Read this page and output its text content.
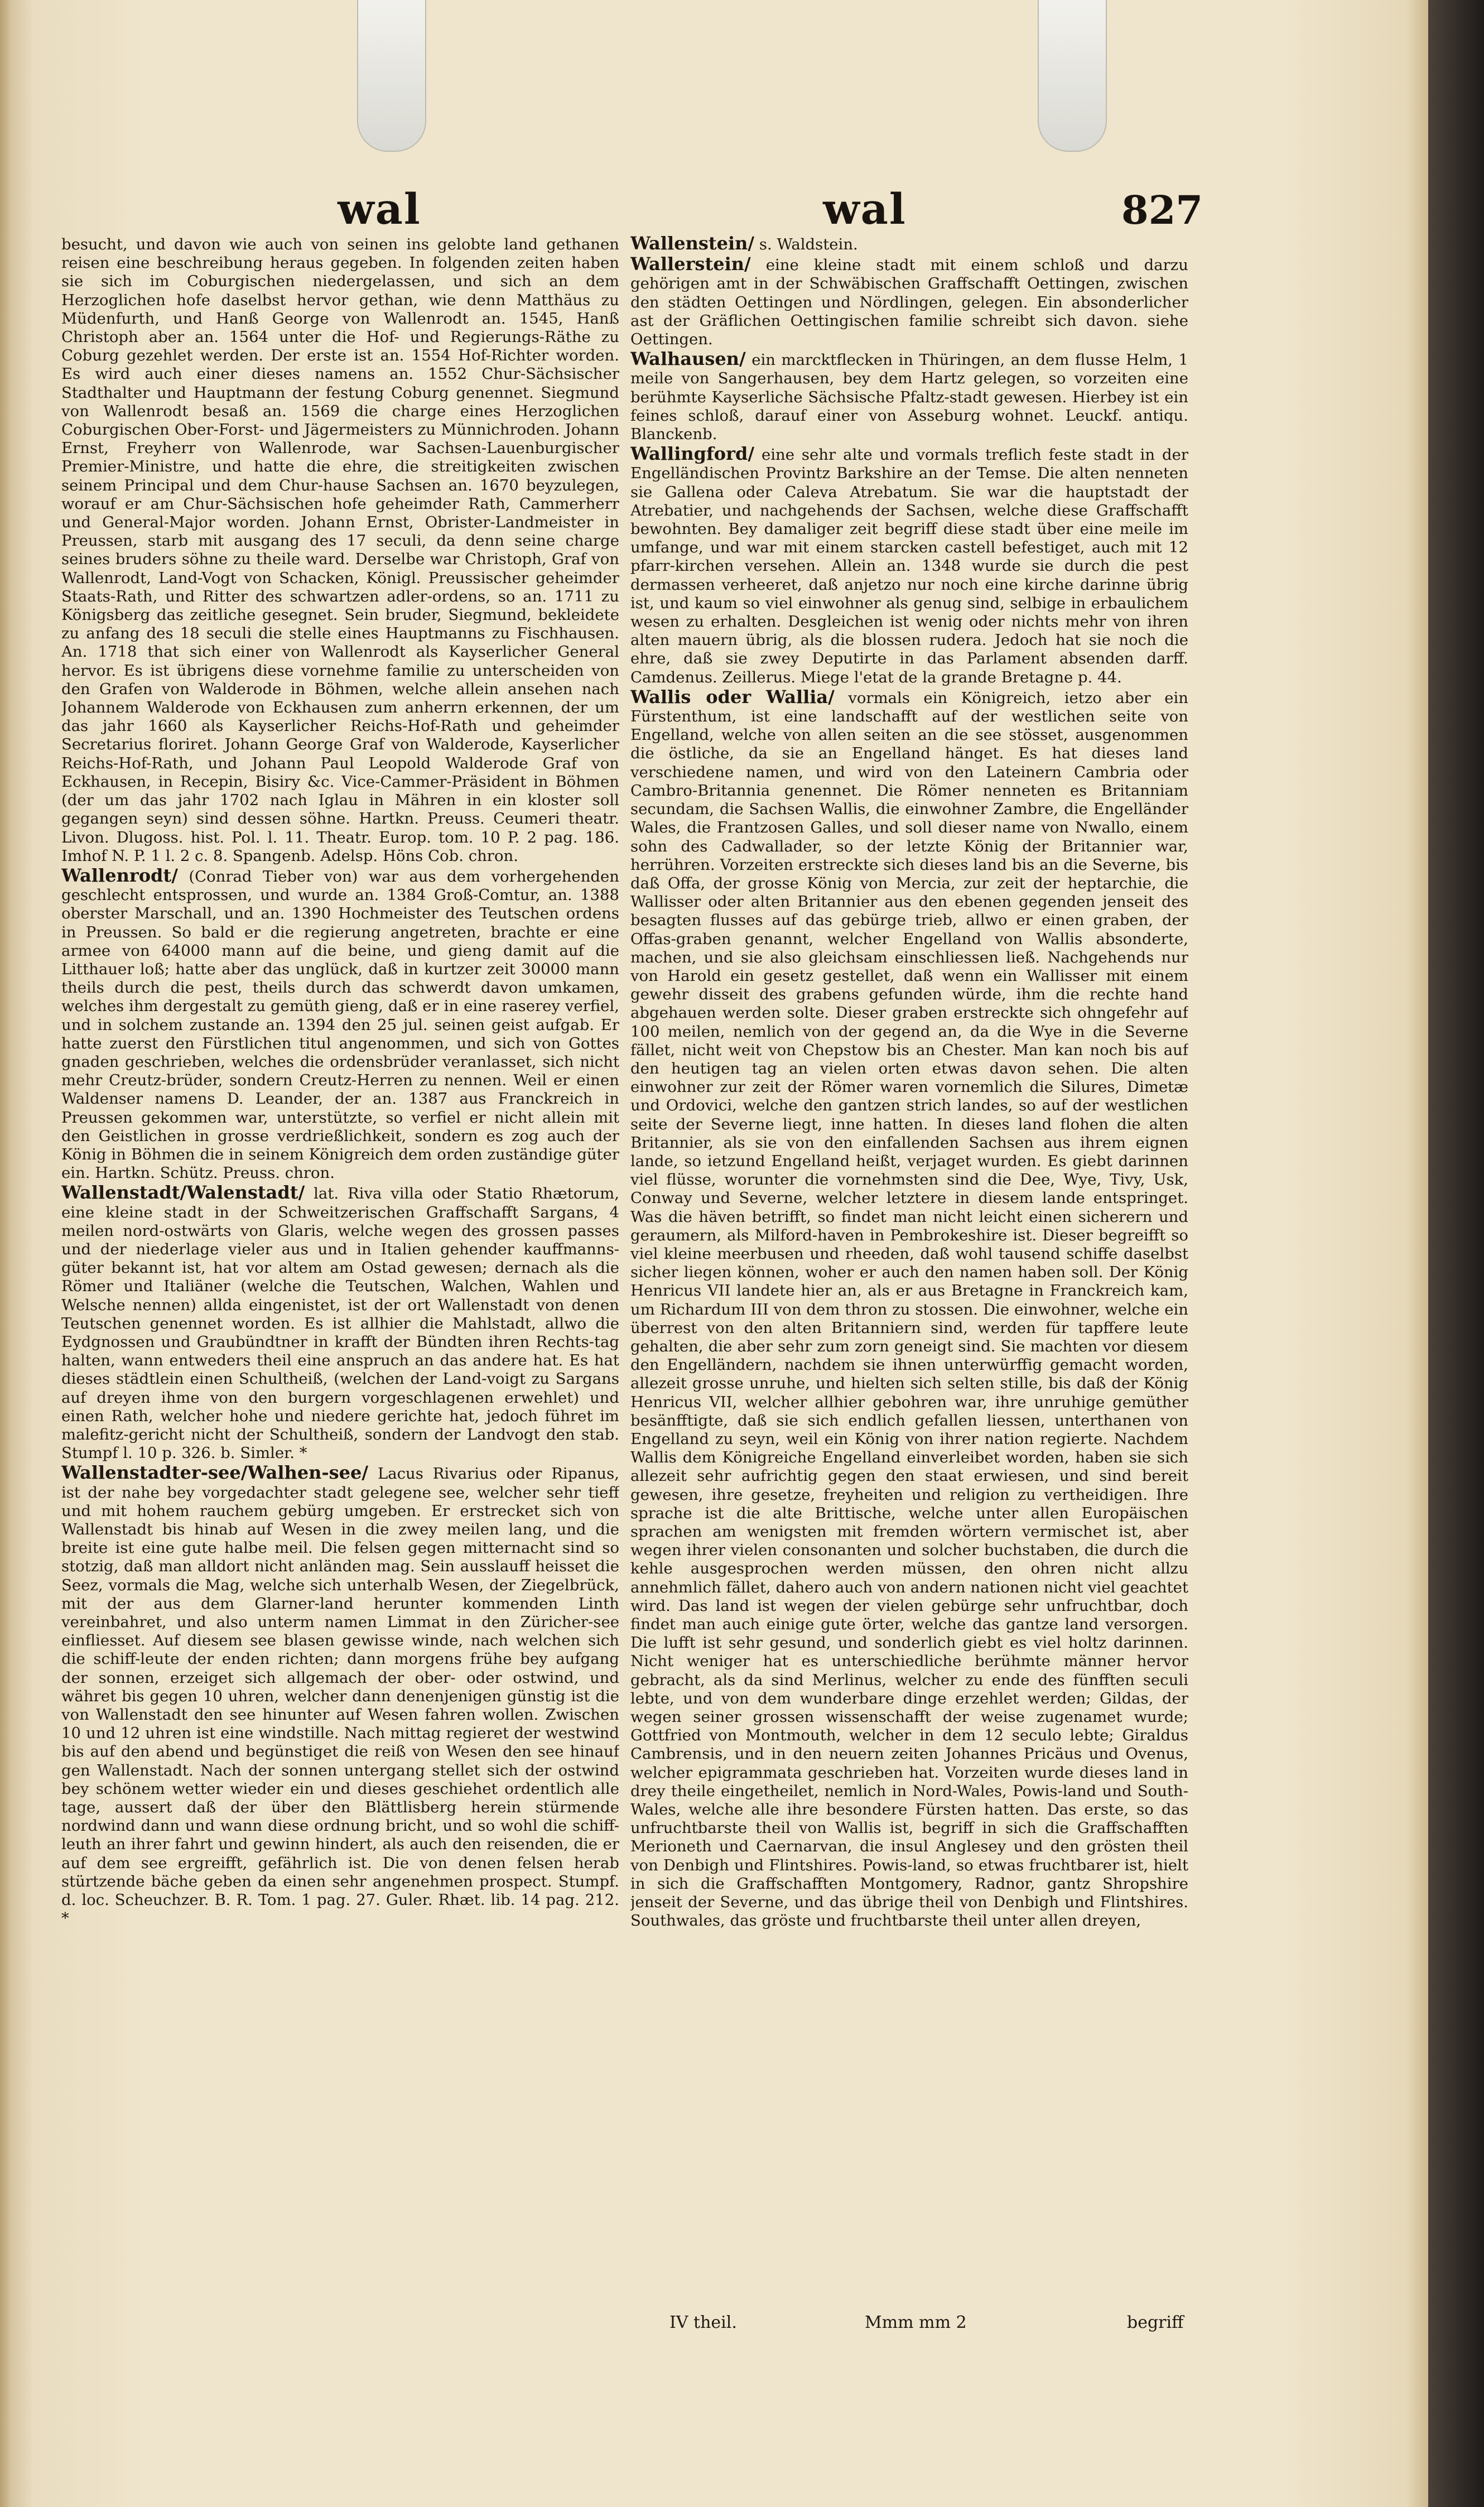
wal	wal	827

besucht, und davon wie auch von seinen ins gelobte land gethanen reisen eine beschreibung heraus gegeben. In folgenden zeiten haben sie sich im Coburgischen niedergelassen, und sich an dem Herzoglichen hofe daselbst hervor gethan, wie denn Matthäus zu Müdenfurth, und Hanß George von Wallenrodt an. 1545, Hanß Christoph aber an. 1564 unter die Hof- und Regierungs-Räthe zu Coburg gezehlet werden. Der erste ist an. 1554 Hof-Richter worden. Es wird auch einer dieses namens an. 1552 Chur-Sächsischer Stadthalter und Hauptmann der festung Coburg genennet. Siegmund von Wallenrodt besaß an. 1569 die charge eines Herzoglichen Coburgischen Ober-Forst- und Jägermeisters zu Münnichroden. Johann Ernst, Freyherr von Wallenrode, war Sachsen-Lauenburgischer Premier-Ministre, und hatte die ehre, die streitigkeiten zwischen seinem Principal und dem Chur-hause Sachsen an. 1670 beyzulegen, worauf er am Chur-Sächsischen hofe geheimder Rath, Cammerherr und General-Major worden. Johann Ernst, Obrister-Landmeister in Preussen, starb mit ausgang des 17 seculi, da denn seine charge seines bruders söhne zu theile ward. Derselbe war Christoph, Graf von Wallenrodt, Land-Vogt von Schacken, Königl. Preussischer geheimder Staats-Rath, und Ritter des schwartzen adler-ordens, so an. 1711 zu Königsberg das zeitliche gesegnet. Sein bruder, Siegmund, bekleidete zu anfang des 18 seculi die stelle eines Hauptmanns zu Fischhausen. An. 1718 that sich einer von Wallenrodt als Kayserlicher General hervor. Es ist übrigens diese vornehme familie zu unterscheiden von den Grafen von Walderode in Böhmen, welche allein ansehen nach Johannem Walderode von Eckhausen zum anherrn erkennen, der um das jahr 1660 als Kayserlicher Reichs-Hof-Rath und geheimder Secretarius floriret. Johann George Graf von Walderode, Kayserlicher Reichs-Hof-Rath, und Johann Paul Leopold Walderode Graf von Eckhausen, in Recepin, Bisiry &c. Vice-Cammer-Präsident in Böhmen (der um das jahr 1702 nach Iglau in Mähren in ein kloster soll gegangen seyn) sind dessen söhne. Hartkn. Preuss. Ceumeri theatr. Livon. Dlugoss. hist. Pol. l. 11. Theatr. Europ. tom. 10 P. 2 pag. 186. Imhof N. P. 1 l. 2 c. 8. Spangenb. Adelsp. Höns Cob. chron.

Wallenrodt/ (Conrad Tieber von) war aus dem vorhergehenden geschlecht entsprossen, und wurde an. 1384 Groß-Comtur, an. 1388 oberster Marschall, und an. 1390 Hochmeister des Teutschen ordens in Preussen. So bald er die regierung angetreten, brachte er eine armee von 64000 mann auf die beine, und gieng damit auf die Litthauer loß; hatte aber das unglück, daß in kurtzer zeit 30000 mann theils durch die pest, theils durch das schwerdt davon umkamen, welches ihm dergestalt zu gemüth gieng, daß er in eine raserey verfiel, und in solchem zustande an. 1394 den 25 jul. seinen geist aufgab. Er hatte zuerst den Fürstlichen titul angenommen, und sich von Gottes gnaden geschrieben, welches die ordensbrüder veranlasset, sich nicht mehr Creutz-brüder, sondern Creutz-Herren zu nennen. Weil er einen Waldenser namens D. Leander, der an. 1387 aus Franckreich in Preussen gekommen war, unterstützte, so verfiel er nicht allein mit den Geistlichen in grosse verdrießlichkeit, sondern es zog auch der König in Böhmen die in seinem Königreich dem orden zuständige güter ein. Hartkn. Schütz. Preuss. chron.

Wallenstadt/Walenstadt/ lat. Riva villa oder Statio Rhætorum, eine kleine stadt in der Schweitzerischen Graffschafft Sargans, 4 meilen nord-ostwärts von Glaris, welche wegen des grossen passes und der niederlage vieler aus und in Italien gehender kauffmanns-güter bekannt ist, hat vor altem am Ostad gewesen; dernach als die Römer und Italiäner (welche die Teutschen, Walchen, Wahlen und Welsche nennen) allda eingenistet, ist der ort Wallenstadt von denen Teutschen genennet worden. Es ist allhier die Mahlstadt, allwo die Eydgnossen und Graubündtner in krafft der Bündten ihren Rechts-tag halten, wann entweders theil eine anspruch an das andere hat. Es hat dieses städtlein einen Schultheiß, (welchen der Land-voigt zu Sargans auf dreyen ihme von den burgern vorgeschlagenen erwehlet) und einen Rath, welcher hohe und niedere gerichte hat, jedoch führet im malefitz-gericht nicht der Schultheiß, sondern der Landvogt den stab. Stumpf l. 10 p. 326. b. Simler. *

Wallenstadter-see/Walhen-see/ Lacus Rivarius oder Ripanus, ist der nahe bey vorgedachter stadt gelegene see, welcher sehr tieff und mit hohem rauchem gebürg umgeben. Er erstrecket sich von Wallenstadt bis hinab auf Wesen in die zwey meilen lang, und die breite ist eine gute halbe meil. Die felsen gegen mitternacht sind so stotzig, daß man alldort nicht anländen mag. Sein ausslauff heisset die Seez, vormals die Mag, welche sich unterhalb Wesen, der Ziegelbrück, mit der aus dem Glarner-land herunter kommenden Linth vereinbahret, und also unterm namen Limmat in den Züricher-see einfliesset. Auf diesem see blasen gewisse winde, nach welchen sich die schiff-leute der enden richten; dann morgens frühe bey aufgang der sonnen, erzeiget sich allgemach der ober- oder ostwind, und währet bis gegen 10 uhren, welcher dann denenjenigen günstig ist die von Wallenstadt den see hinunter auf Wesen fahren wollen. Zwischen 10 und 12 uhren ist eine windstille. Nach mittag regieret der westwind bis auf den abend und begünstiget die reiß von Wesen den see hinauf gen Wallenstadt. Nach der sonnen untergang stellet sich der ostwind bey schönem wetter wieder ein und dieses geschiehet ordentlich alle tage, aussert daß der über den Blättlisberg herein stürmende nordwind dann und wann diese ordnung bricht, und so wohl die schiff-leuth an ihrer fahrt und gewinn hindert, als auch den reisenden, die er auf dem see ergreifft, gefährlich ist. Die von denen felsen herab stürtzende bäche geben da einen sehr angenehmen prospect. Stumpf. d. loc. Scheuchzer. B. R. Tom. 1 pag. 27. Guler. Rhæt. lib. 14 pag. 212. *

Wallenstein/ s. Waldstein.

Wallerstein/ eine kleine stadt mit einem schloß und darzu gehörigen amt in der Schwäbischen Graffschafft Oettingen, zwischen den städten Oettingen und Nördlingen, gelegen. Ein absonderlicher ast der Gräflichen Oettingischen familie schreibt sich davon. siehe Oettingen.

Walhausen/ ein marcktflecken in Thüringen, an dem flusse Helm, 1 meile von Sangerhausen, bey dem Hartz gelegen, so vorzeiten eine berühmte Kayserliche Sächsische Pfaltz-stadt gewesen. Hierbey ist ein feines schloß, darauf einer von Asseburg wohnet. Leuckf. antiqu. Blanckenb.

Wallingford/ eine sehr alte und vormals treflich feste stadt in der Engelländischen Provintz Barkshire an der Temse. Die alten nenneten sie Gallena oder Caleva Atrebatum. Sie war die hauptstadt der Atrebatier, und nachgehends der Sachsen, welche diese Graffschafft bewohnten. Bey damaliger zeit begriff diese stadt über eine meile im umfange, und war mit einem starcken castell befestiget, auch mit 12 pfarr-kirchen versehen. Allein an. 1348 wurde sie durch die pest dermassen verheeret, daß anjetzo nur noch eine kirche darinne übrig ist, und kaum so viel einwohner als genug sind, selbige in erbaulichem wesen zu erhalten. Desgleichen ist wenig oder nichts mehr von ihren alten mauern übrig, als die blossen rudera. Jedoch hat sie noch die ehre, daß sie zwey Deputirte in das Parlament absenden darff. Camdenus. Zeillerus. Miege l'etat de la grande Bretagne p. 44.

Wallis oder Wallia/ vormals ein Königreich, ietzo aber ein Fürstenthum, ist eine landschafft auf der westlichen seite von Engelland, welche von allen seiten an die see stösset, ausgenommen die östliche, da sie an Engelland hänget. Es hat dieses land verschiedene namen, und wird von den Lateinern Cambria oder Cambro-Britannia genennet. Die Römer nenneten es Britanniam secundam, die Sachsen Wallis, die einwohner Zambre, die Engelländer Wales, die Frantzosen Galles, und soll dieser name von Nwallo, einem sohn des Cadwallader, so der letzte König der Britannier war, herrühren. Vorzeiten erstreckte sich dieses land bis an die Severne, bis daß Offa, der grosse König von Mercia, zur zeit der heptarchie, die Wallisser oder alten Britannier aus den ebenen gegenden jenseit des besagten flusses auf das gebürge trieb, allwo er einen graben, der Offas-graben genannt, welcher Engelland von Wallis absonderte, machen, und sie also gleichsam einschliessen ließ. Nachgehends nur von Harold ein gesetz gestellet, daß wenn ein Wallisser mit einem gewehr disseit des grabens gefunden würde, ihm die rechte hand abgehauen werden solte. Dieser graben erstreckte sich ohngefehr auf 100 meilen, nemlich von der gegend an, da die Wye in die Severne fället, nicht weit von Chepstow bis an Chester. Man kan noch bis auf den heutigen tag an vielen orten etwas davon sehen. Die alten einwohner zur zeit der Römer waren vornemlich die Silures, Dimetæ und Ordovici, welche den gantzen strich landes, so auf der westlichen seite der Severne liegt, inne hatten. In dieses land flohen die alten Britannier, als sie von den einfallenden Sachsen aus ihrem eignen lande, so ietzund Engelland heißt, verjaget wurden. Es giebt darinnen viel flüsse, worunter die vornehmsten sind die Dee, Wye, Tivy, Usk, Conway und Severne, welcher letztere in diesem lande entspringet. Was die häven betrifft, so findet man nicht leicht einen sicherern und geraumern, als Milford-haven in Pembrokeshire ist. Dieser begreifft so viel kleine meerbusen und rheeden, daß wohl tausend schiffe daselbst sicher liegen können, woher er auch den namen haben soll. Der König Henricus VII landete hier an, als er aus Bretagne in Franckreich kam, um Richardum III von dem thron zu stossen. Die einwohner, welche ein überrest von den alten Britanniern sind, werden für tapffere leute gehalten, die aber sehr zum zorn geneigt sind. Sie machten vor diesem den Engelländern, nachdem sie ihnen unterwürffig gemacht worden, allezeit grosse unruhe, und hielten sich selten stille, bis daß der König Henricus VII, welcher allhier gebohren war, ihre unruhige gemüther besänfftigte, daß sie sich endlich gefallen liessen, unterthanen von Engelland zu seyn, weil ein König von ihrer nation regierte. Nachdem Wallis dem Königreiche Engelland einverleibet worden, haben sie sich allezeit sehr aufrichtig gegen den staat erwiesen, und sind bereit gewesen, ihre gesetze, freyheiten und religion zu vertheidigen. Ihre sprache ist die alte Brittische, welche unter allen Europäischen sprachen am wenigsten mit fremden wörtern vermischet ist, aber wegen ihrer vielen consonanten und solcher buchstaben, die durch die kehle ausgesprochen werden müssen, den ohren nicht allzu annehmlich fället, dahero auch von andern nationen nicht viel geachtet wird. Das land ist wegen der vielen gebürge sehr unfruchtbar, doch findet man auch einige gute örter, welche das gantze land versorgen. Die lufft ist sehr gesund, und sonderlich giebt es viel holtz darinnen. Nicht weniger hat es unterschiedliche berühmte männer hervor gebracht, als da sind Merlinus, welcher zu ende des fünfften seculi lebte, und von dem wunderbare dinge erzehlet werden; Gildas, der wegen seiner grossen wissenschafft der weise zugenamet wurde; Gottfried von Montmouth, welcher in dem 12 seculo lebte; Giraldus Cambrensis, und in den neuern zeiten Johannes Pricäus und Ovenus, welcher epigrammata geschrieben hat. Vorzeiten wurde dieses land in drey theile eingetheilet, nemlich in Nord-Wales, Powis-land und South-Wales, welche alle ihre besondere Fürsten hatten. Das erste, so das unfruchtbarste theil von Wallis ist, begriff in sich die Graffschafften Merioneth und Caernarvan, die insul Anglesey und den grösten theil von Denbigh und Flintshires. Powis-land, so etwas fruchtbarer ist, hielt in sich die Graffschafften Montgomery, Radnor, gantz Shropshire jenseit der Severne, und das übrige theil von Denbigh und Flintshires. Southwales, das gröste und fruchtbarste theil unter allen dreyen,

IV theil.	Mmm mm 2	begriff
